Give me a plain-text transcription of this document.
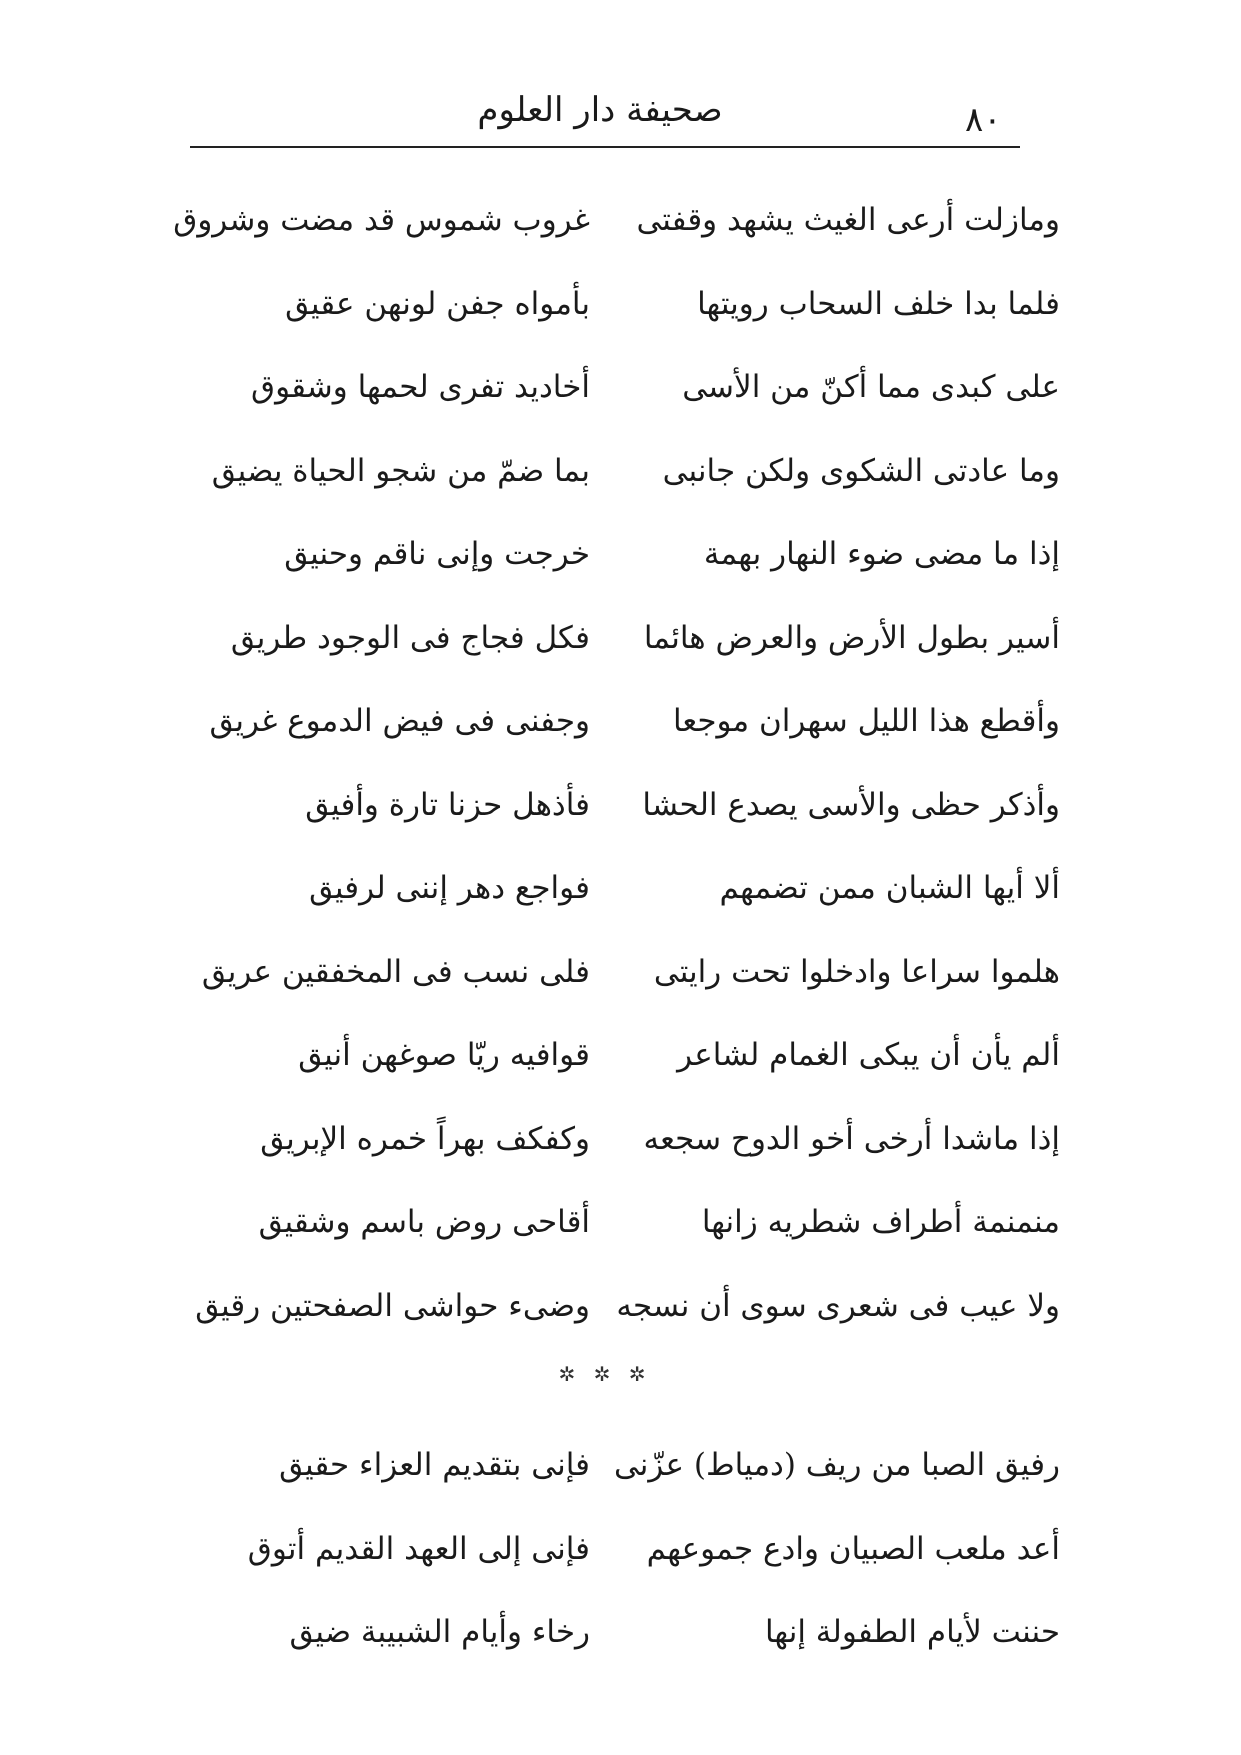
٨٠
صحيفة دار العلوم
ومازلت أرعى الغيث يشهد وقفتى
غروب شموس قد مضت وشروق
فلما بدا خلف السحاب رويتها
بأمواه جفن لونهن عقيق
على كبدى مما أكنّ من الأسى
أخاديد تفرى لحمها وشقوق
وما عادتى الشكوى ولكن جانبى
بما ضمّ من شجو الحياة يضيق
إذا ما مضى ضوء النهار بهمة
خرجت وإنى ناقم وحنيق
أسير بطول الأرض والعرض هائما
فكل فجاج فى الوجود طريق
وأقطع هذا الليل سهران موجعا
وجفنى فى فيض الدموع غريق
وأذكر حظى والأسى يصدع الحشا
فأذهل حزنا تارة وأفيق
ألا أيها الشبان ممن تضمهم
فواجع دهر إننى لرفيق
هلموا سراعا وادخلوا تحت رايتى
فلى نسب فى المخفقين عريق
ألم يأن أن يبكى الغمام لشاعر
قوافيه ريّا صوغهن أنيق
إذا ماشدا أرخى أخو الدوح سجعه
وكفكف بهراً خمره الإبريق
منمنمة أطراف شطريه زانها
أقاحى روض باسم وشقيق
ولا عيب فى شعرى سوى أن نسجه
وضىء حواشى الصفحتين رقيق
✲ ✲ ✲
رفيق الصبا من ريف (دمياط) عزّنى
فإنى بتقديم العزاء حقيق
أعد ملعب الصبيان وادع جموعهم
فإنى إلى العهد القديم أتوق
حننت لأيام الطفولة إنها
رخاء وأيام الشبيبة ضيق
